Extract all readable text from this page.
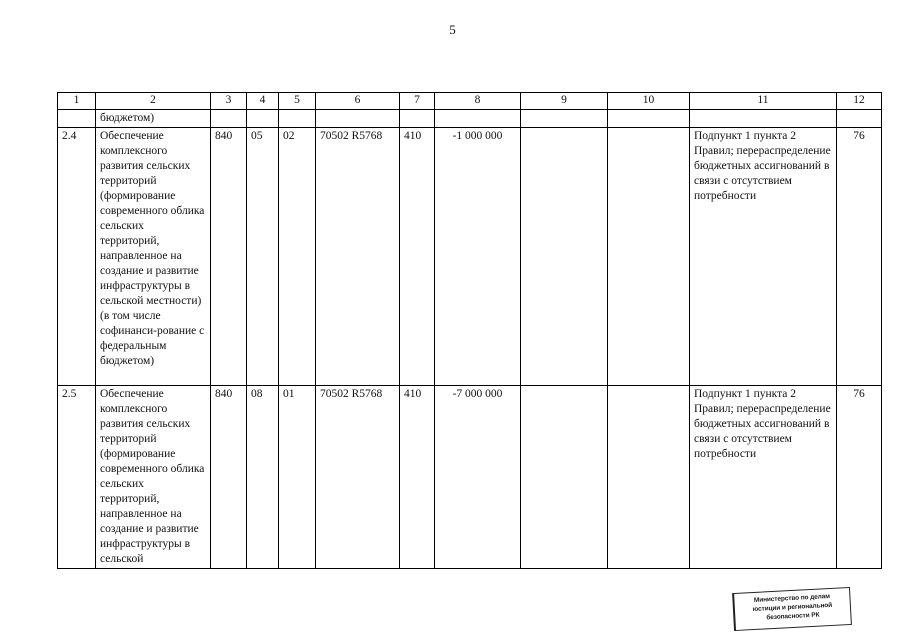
5
1	2	3	4	5	6	7	8	9	10	11	12
	бюджетом)										
2.4	Обеспечение комплексного развития сельских территорий (формирование современного облика сельских территорий, направленное на создание и развитие инфраструктуры в сельской местности) (в том числе софинанси-рование с федеральным бюджетом)	840	05	02	70502 R5768	410	-1 000 000			Подпункт 1 пункта 2 Правил; перераспределение бюджетных ассигнований в связи с отсутствием потребности	76
2.5	Обеспечение комплексного развития сельских территорий (формирование современного облика сельских территорий, направленное на создание и развитие инфраструктуры в сельской	840	08	01	70502 R5768	410	-7 000 000			Подпункт 1 пункта 2 Правил; перераспределение бюджетных ассигнований в связи с отсутствием потребности	76
Министерство по делам
юстиции и региональной
безопасности РК
